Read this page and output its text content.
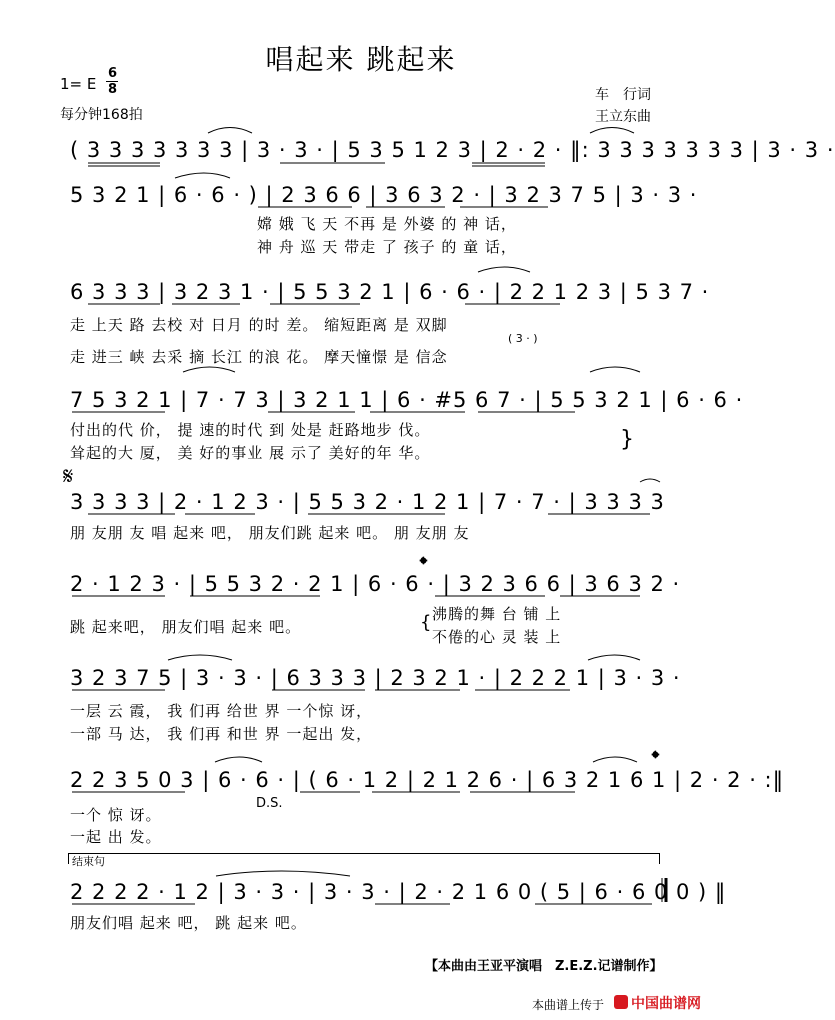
唱起来 跳起来
1= E
6
8
每分钟168拍
车　行词
王立东曲
( 3 3 3 3 3 3 3 | 3 · 3 · | 5 3 5 1 2 3 | 2 · 2 · ‖: 3 3 3 3 3 3 3 | 3 · 3 ·
5 3 2 1 | 6 · 6 · ) | 2 3 6 6 | 3 6 3 2 · | 3 2 3 7 5 | 3 · 3 ·
嫦 娥 飞 天 不再 是 外婆 的 神 话，
神 舟 巡 天 带走 了 孩子 的 童 话，
6 3 3 3 | 3 2 3 1 · | 5 5 3 2 1 | 6 · 6 · | 2 2 1 2 3 | 5 3 7 ·
走 上天 路 去校 对 日月 的时 差。 缩短距离 是 双脚
( 3 · )
走 进三 峡 去采 摘 长江 的浪 花。 摩天憧憬 是 信念
7 5 3 2 1 | 7 · 7 3 | 3 2 1 1 | 6 · #5 6 7 · | 5 5 3 2 1 | 6 · 6 ·
付出的代 价， 提 速的时代 到 处是 赶路地步 伐。
耸起的大 厦， 美 好的事业 展 示了 美好的年 华。
𝄋
3 3 3 3 | 2 · 1 2 3 · | 5 5 3 2 · 1 2 1 | 7 · 7 · | 3 3 3 3
朋 友朋 友 唱 起来 吧， 朋友们跳 起来 吧。 朋 友朋 友
𝄌
2 · 1 2 3 · | 5 5 3 2 · 2 1 | 6 · 6 · | 3 2 3 6 6 | 3 6 3 2 ·
跳 起来吧， 朋友们唱 起来 吧。	{ 沸腾的舞 台 铺 上
不倦的心 灵 装 上
3 2 3 7 5 | 3 · 3 · | 6 3 3 3 | 2 3 2 1 · | 2 2 2 1 | 3 · 3 ·
一层 云 霞， 我 们再 给世 界 一个惊 讶，
一部 马 达， 我 们再 和世 界 一起出 发，
2 2 3 5 0 3 | 6 · 6 · | ( 6 · 1 2 | 2 1 2 6 · | 6 3 2 1 6 1 | 2 · 2 · :‖
一个 惊 讶。
D.S.
一起 出 发。
𝄌
结束句
2 2 2 2 · 1 2 | 3 · 3 · | 3 · 3 · | 2 · 2 1 6 0 ( 5 | 6 · 6 0 0 ) ‖
朋友们唱 起来 吧， 跳 起来 吧。
【本曲由王亚平演唱　Z.E.Z.记谱制作】
本曲谱上传于 中国曲谱网
}
